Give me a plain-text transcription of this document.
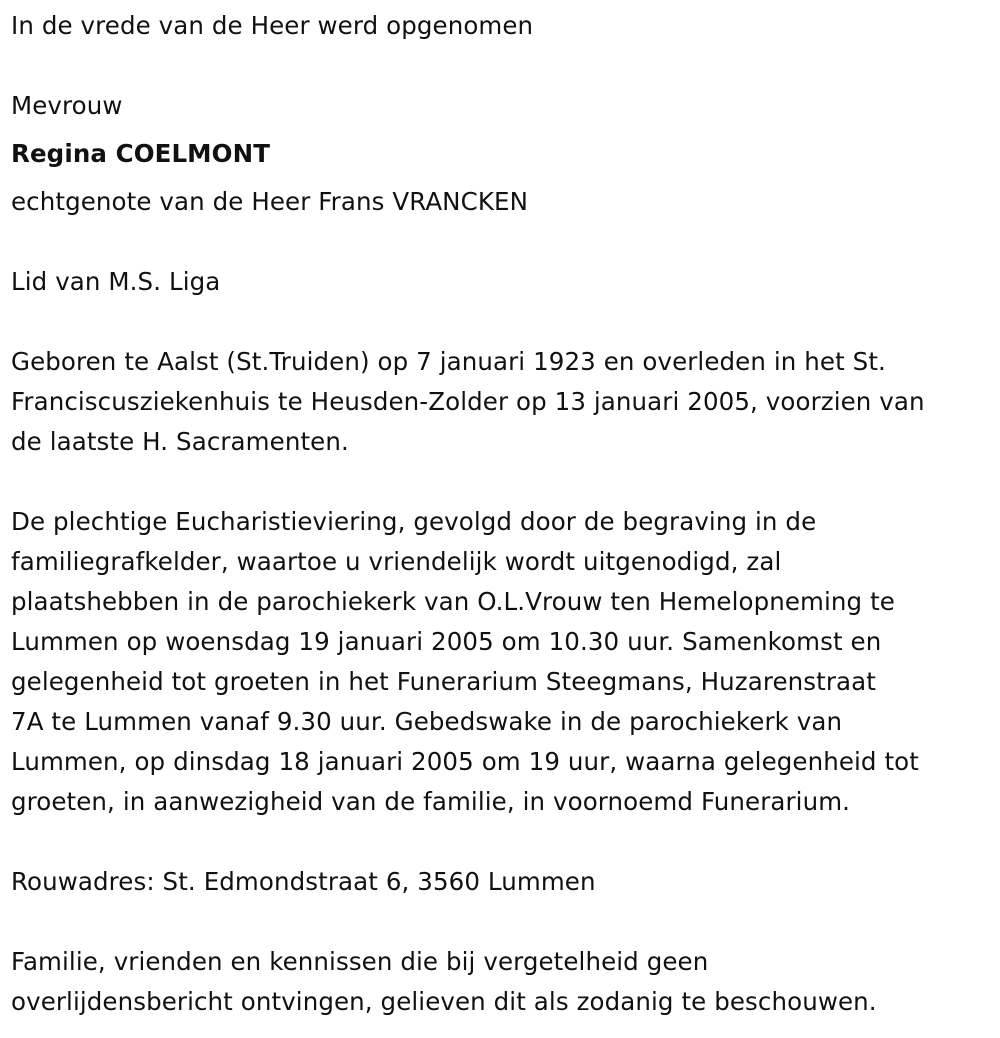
In de vrede van de Heer werd opgenomen

Mevrouw

Regina COELMONT

echtgenote van de Heer Frans VRANCKEN

Lid van M.S. Liga

Geboren te Aalst (St.Truiden) op 7 januari 1923 en overleden in het St.

Franciscusziekenhuis te Heusden-Zolder op 13 januari 2005, voorzien van

de laatste H. Sacramenten.

De plechtige Eucharistieviering, gevolgd door de begraving in de

familiegrafkelder, waartoe u vriendelijk wordt uitgenodigd, zal

plaatshebben in de parochiekerk van O.L.Vrouw ten Hemelopneming te

Lummen op woensdag 19 januari 2005 om 10.30 uur. Samenkomst en

gelegenheid tot groeten in het Funerarium Steegmans, Huzarenstraat

7A te Lummen vanaf 9.30 uur. Gebedswake in de parochiekerk van

Lummen, op dinsdag 18 januari 2005 om 19 uur, waarna gelegenheid tot

groeten, in aanwezigheid van de familie, in voornoemd Funerarium.

Rouwadres: St. Edmondstraat 6, 3560 Lummen

Familie, vrienden en kennissen die bij vergetelheid geen

overlijdensbericht ontvingen, gelieven dit als zodanig te beschouwen.
